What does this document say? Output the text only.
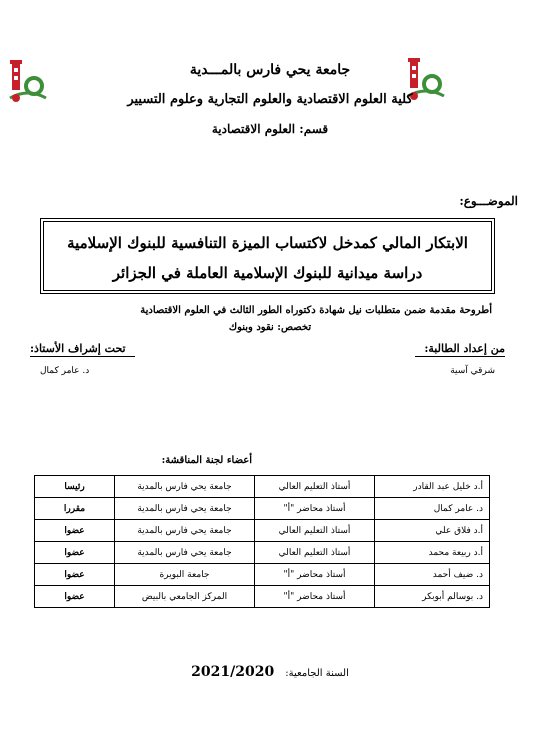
جامعة يحي فارس بالمـــدية
كلية العلوم الاقتصادية والعلوم التجارية وعلوم التسيير
قسم: العلوم الاقتصادية
الموضـــوع:
الابتكار المالي كمدخل لاكتساب الميزة التنافسية للبنوك الإسلامية
دراسة ميدانية للبنوك الإسلامية العاملة في الجزائر
أطروحة مقدمة ضمن متطلبات نيل شهادة دكتوراه الطور الثالث في العلوم الاقتصادية
تخصص: نقود وبنوك
من إعداد الطالبة:
شرقي آسية
تحت إشراف الأستاذ:
د. عامر كمال
أعضاء لجنة المناقشة:
أ.د خليل عبد القادر	أستاذ التعليم العالي	جامعة يحي فارس بالمدية	رئيسا
د. عامر كمال	أستاذ محاضر "أ"	جامعة يحي فارس بالمدية	مقررا
أ.د فلاق علي	أستاذ التعليم العالي	جامعة يحي فارس بالمدية	عضوا
أ.د ربيعة محمد	أستاذ التعليم العالي	جامعة يحي فارس بالمدية	عضوا
د. ضيف أحمد	أستاذ محاضر "أ"	جامعة البويرة	عضوا
د. بوسالم أبوبكر	أستاذ محاضر "أ"	المركز الجامعي بالبيض	عضوا
السنة الجامعية: 2021/2020
